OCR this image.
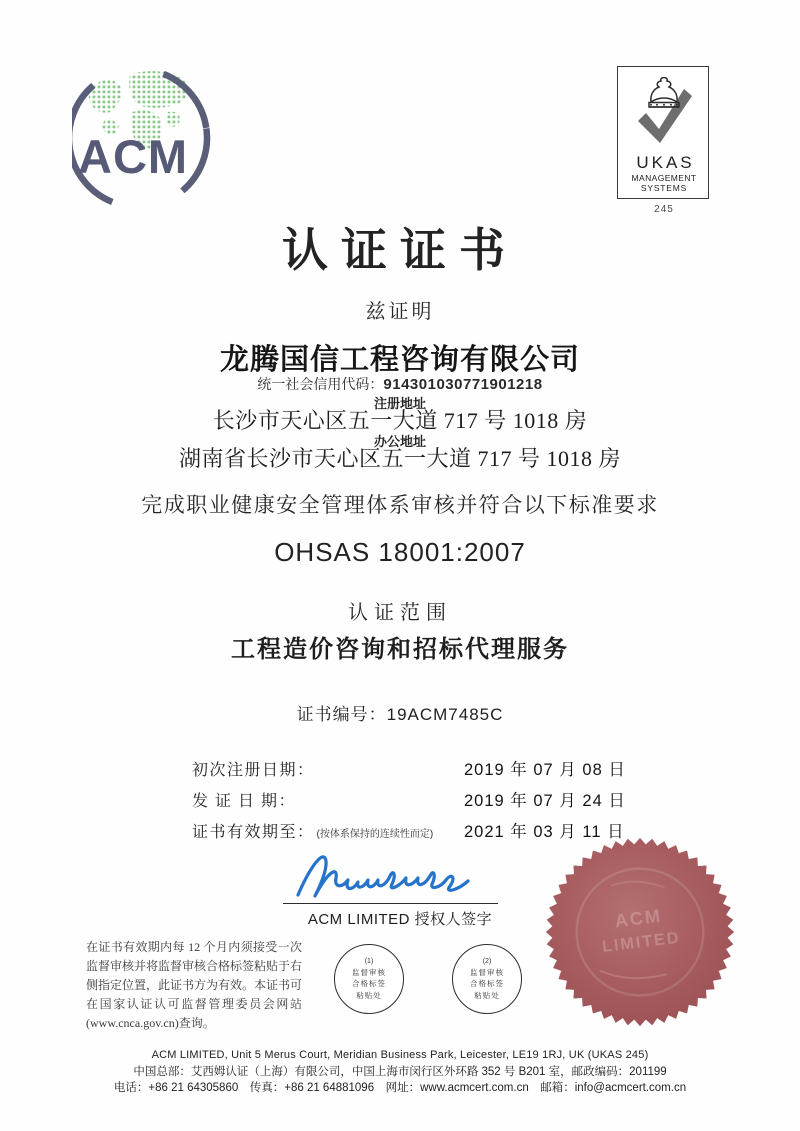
ACM	UKAS
MANAGEMENT
SYSTEMS
245
认证证书
兹证明
龙腾国信工程咨询有限公司
统一社会信用代码：914301030771901218
注册地址
长沙市天心区五一大道 717 号 1018 房
办公地址
湖南省长沙市天心区五一大道 717 号 1018 房
完成职业健康安全管理体系审核并符合以下标准要求
OHSAS 18001:2007
认证范围
工程造价咨询和招标代理服务
证书编号：19ACM7485C
初次注册日期：	2019 年 07 月 08 日
发 证 日 期：	2019 年 07 月 24 日
证书有效期至： (按体系保持的连续性而定)	2021 年 03 月 11 日
ACM LIMITED 授权人签字
在证书有效期内每 12 个月内须接受一次监督审核并将监督审核合格标签粘贴于右侧指定位置，此证书方为有效。本证书可在国家认证认可监督管理委员会网站(www.cnca.gov.cn)查询。
(1)
监督审核
合格标签
粘贴处
(2)
监督审核
合格标签
粘贴处
ACM
LIMITED
ACM LIMITED, Unit 5 Merus Court, Meridian Business Park, Leicester, LE19 1RJ, UK (UKAS 245)
中国总部：艾西姆认证（上海）有限公司，中国上海市闵行区外环路 352 号 B201 室，邮政编码：201199
电话：+86 21 64305860　传真：+86 21 64881096　网址：www.acmcert.com.cn　邮箱：info@acmcert.com.cn
